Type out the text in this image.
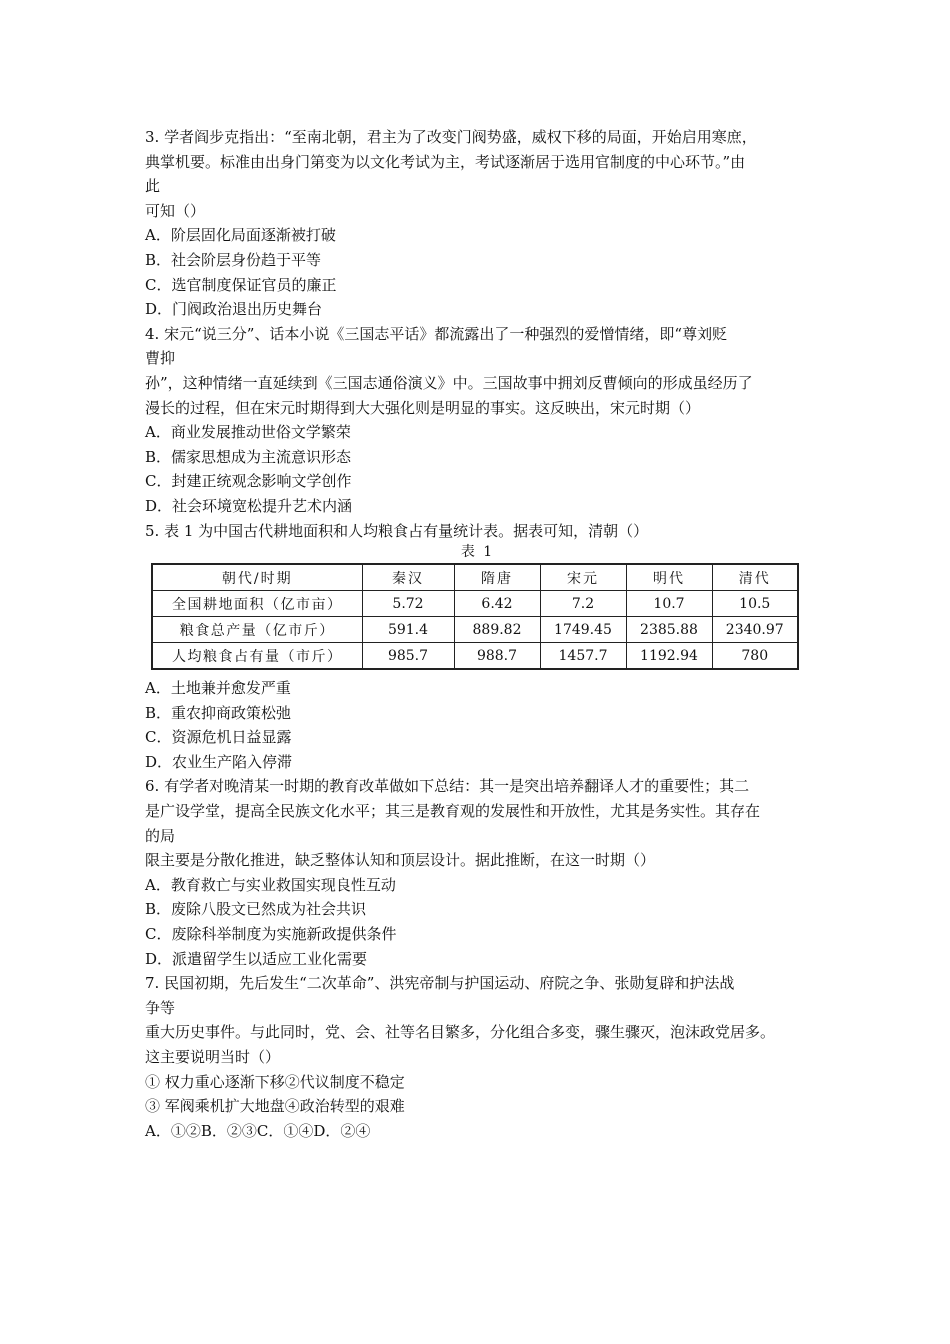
3. 学者阎步克指出：“至南北朝，君主为了改变门阀势盛，威权下移的局面，开始启用寒庶，
典掌机要。标准由出身门第变为以文化考试为主，考试逐渐居于选用官制度的中心环节。”由
此
可知（）
A．阶层固化局面逐渐被打破
B．社会阶层身份趋于平等
C．选官制度保证官员的廉正
D．门阀政治退出历史舞台
4. 宋元“说三分”、话本小说《三国志平话》都流露出了一种强烈的爱憎情绪，即“尊刘贬
曹抑
孙”，这种情绪一直延续到《三国志通俗演义》中。三国故事中拥刘反曹倾向的形成虽经历了
漫长的过程，但在宋元时期得到大大强化则是明显的事实。这反映出，宋元时期（）
A．商业发展推动世俗文学繁荣
B．儒家思想成为主流意识形态
C．封建正统观念影响文学创作
D．社会环境宽松提升艺术内涵
5. 表 1 为中国古代耕地面积和人均粮食占有量统计表。据表可知，清朝（）
表 1
朝代/时期	秦汉	隋唐	宋元	明代	清代
全国耕地面积（亿市亩）	5.72	6.42	7.2	10.7	10.5
粮食总产量（亿市斤）	591.4	889.82	1749.45	2385.88	2340.97
人均粮食占有量（市斤）	985.7	988.7	1457.7	1192.94	780
A．土地兼并愈发严重
B．重农抑商政策松弛
C．资源危机日益显露
D．农业生产陷入停滞
6. 有学者对晚清某一时期的教育改革做如下总结：其一是突出培养翻译人才的重要性；其二
是广设学堂，提高全民族文化水平；其三是教育观的发展性和开放性，尤其是务实性。其存在
的局
限主要是分散化推进，缺乏整体认知和顶层设计。据此推断，在这一时期（）
A．教育救亡与实业救国实现良性互动
B．废除八股文已然成为社会共识
C．废除科举制度为实施新政提供条件
D．派遣留学生以适应工业化需要
7. 民国初期，先后发生“二次革命”、洪宪帝制与护国运动、府院之争、张勋复辟和护法战
争等
重大历史事件。与此同时，党、会、社等名目繁多，分化组合多变，骤生骤灭，泡沫政党居多。
这主要说明当时（）
① 权力重心逐渐下移②代议制度不稳定
③ 军阀乘机扩大地盘④政治转型的艰难
A．①②B．②③C．①④D．②④
